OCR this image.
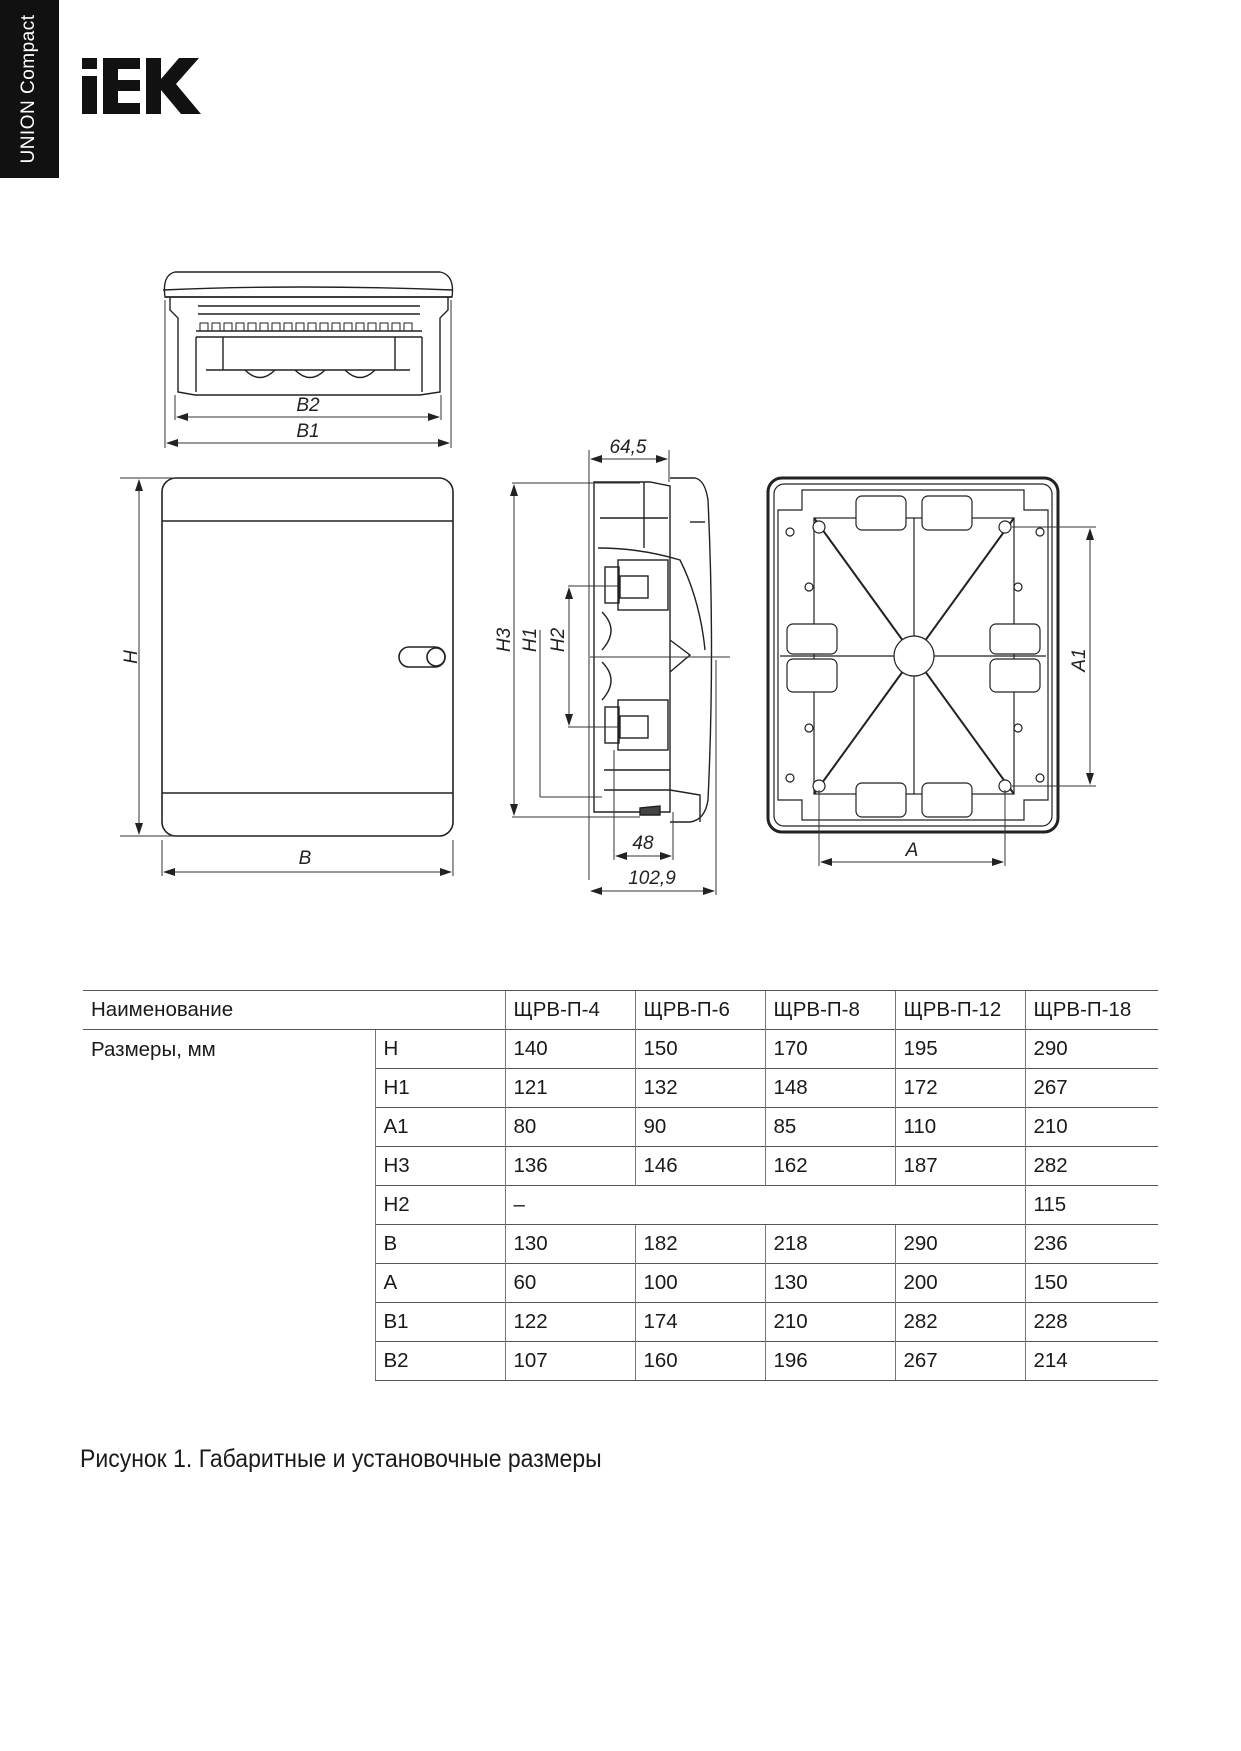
UNION Compact
B2
B1
H
B
64,5
H3 H1 H2
48
102,9
A1
A
Наименование		ЩРВ-П-4	ЩРВ-П-6	ЩРВ-П-8	ЩРВ-П-12	ЩРВ-П-18
Размеры, мм	H	140	150	170	195	290
	H1	121	132	148	172	267
	A1	80	90	85	110	210
	H3	136	146	162	187	282
	H2	–				115
	B	130	182	218	290	236
	A	60	100	130	200	150
	B1	122	174	210	282	228
	B2	107	160	196	267	214
Рисунок 1. Габаритные и установочные размеры
